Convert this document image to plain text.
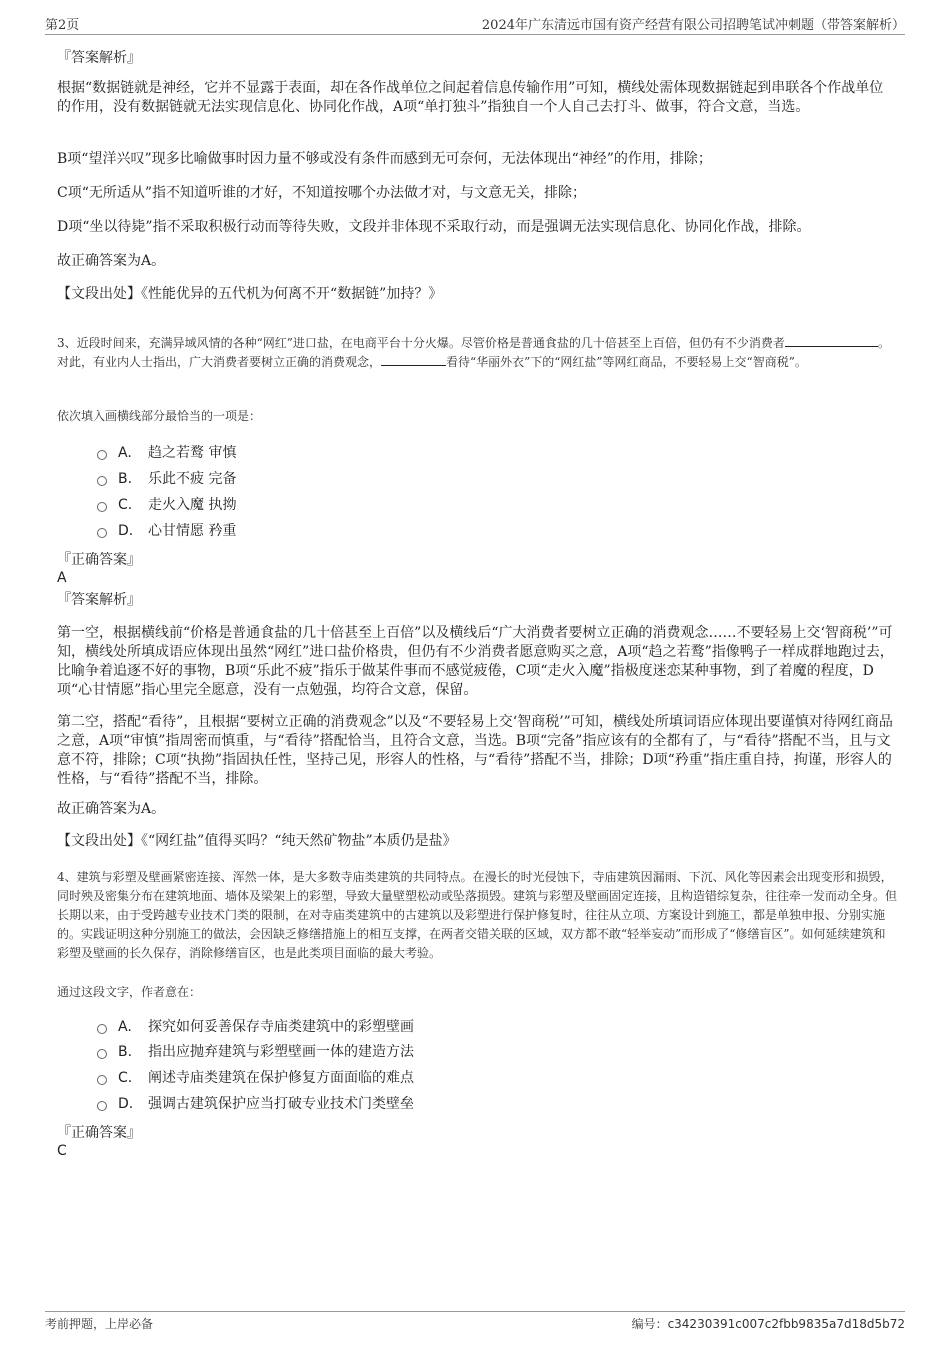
第2页	2024年广东清远市国有资产经营有限公司招聘笔试冲刺题（带答案解析）

『答案解析』

根据“数据链就是神经，它并不显露于表面，却在各作战单位之间起着信息传输作用”可知，横线处需体现数据链起到串联各个作战单位的作用，没有数据链就无法实现信息化、协同化作战，A项“单打独斗”指独自一个人自己去打斗、做事，符合文意，当选。

B项“望洋兴叹”现多比喻做事时因力量不够或没有条件而感到无可奈何，无法体现出“神经”的作用，排除；

C项“无所适从”指不知道听谁的才好，不知道按哪个办法做才对，与文意无关，排除；

D项“坐以待毙”指不采取积极行动而等待失败，文段并非体现不采取行动，而是强调无法实现信息化、协同化作战，排除。

故正确答案为A。

【文段出处】《性能优异的五代机为何离不开“数据链”加持？》

3、近段时间来，充满异域风情的各种“网红”进口盐，在电商平台十分火爆。尽管价格是普通食盐的几十倍甚至上百倍，但仍有不少消费者	。对此，有业内人士指出，广大消费者要树立正确的消费观念，	看待“华丽外衣”下的“网红盐”等网红商品，不要轻易上交“智商税”。

依次填入画横线部分最恰当的一项是：

A.	趋之若鹜 审慎
B.	乐此不疲 完备
C.	走火入魔 执拗
D.	心甘情愿 矜重

『正确答案』

A

『答案解析』

第一空，根据横线前“价格是普通食盐的几十倍甚至上百倍”以及横线后“广大消费者要树立正确的消费观念……不要轻易上交‘智商税’”可知，横线处所填成语应体现出虽然“网红”进口盐价格贵，但仍有不少消费者愿意购买之意，A项“趋之若鹜”指像鸭子一样成群地跑过去，比喻争着追逐不好的事物，B项“乐此不疲”指乐于做某件事而不感觉疲倦，C项“走火入魔”指极度迷恋某种事物，到了着魔的程度，D项“心甘情愿”指心里完全愿意，没有一点勉强，均符合文意，保留。

第二空，搭配“看待”，且根据“要树立正确的消费观念”以及“不要轻易上交‘智商税’”可知，横线处所填词语应体现出要谨慎对待网红商品之意，A项“审慎”指周密而慎重，与“看待”搭配恰当，且符合文意，当选。B项“完备”指应该有的全都有了，与“看待”搭配不当，且与文意不符，排除；C项“执拗”指固执任性，坚持己见，形容人的性格，与“看待”搭配不当，排除；D项“矜重”指庄重自持，拘谨，形容人的性格，与“看待”搭配不当，排除。

故正确答案为A。

【文段出处】《“网红盐”值得买吗？“纯天然矿物盐”本质仍是盐》

4、建筑与彩塑及壁画紧密连接、浑然一体，是大多数寺庙类建筑的共同特点。在漫长的时光侵蚀下，寺庙建筑因漏雨、下沉、风化等因素会出现变形和损毁，同时殃及密集分布在建筑地面、墙体及梁架上的彩塑，导致大量壁塑松动或坠落损毁。建筑与彩塑及壁画固定连接，且构造错综复杂，往往牵一发而动全身。但长期以来，由于受跨越专业技术门类的限制，在对寺庙类建筑中的古建筑以及彩塑进行保护修复时，往往从立项、方案设计到施工，都是单独申报、分别实施的。实践证明这种分别施工的做法，会因缺乏修缮措施上的相互支撑，在两者交错关联的区域，双方都不敢“轻举妄动”而形成了“修缮盲区”。如何延续建筑和彩塑及壁画的长久保存，消除修缮盲区，也是此类项目面临的最大考验。

通过这段文字，作者意在：

A.	探究如何妥善保存寺庙类建筑中的彩塑壁画
B.	指出应抛弃建筑与彩塑壁画一体的建造方法
C.	阐述寺庙类建筑在保护修复方面面临的难点
D.	强调古建筑保护应当打破专业技术门类壁垒

『正确答案』

C

考前押题，上岸必备	编号：c34230391c007c2fbb9835a7d18d5b72
